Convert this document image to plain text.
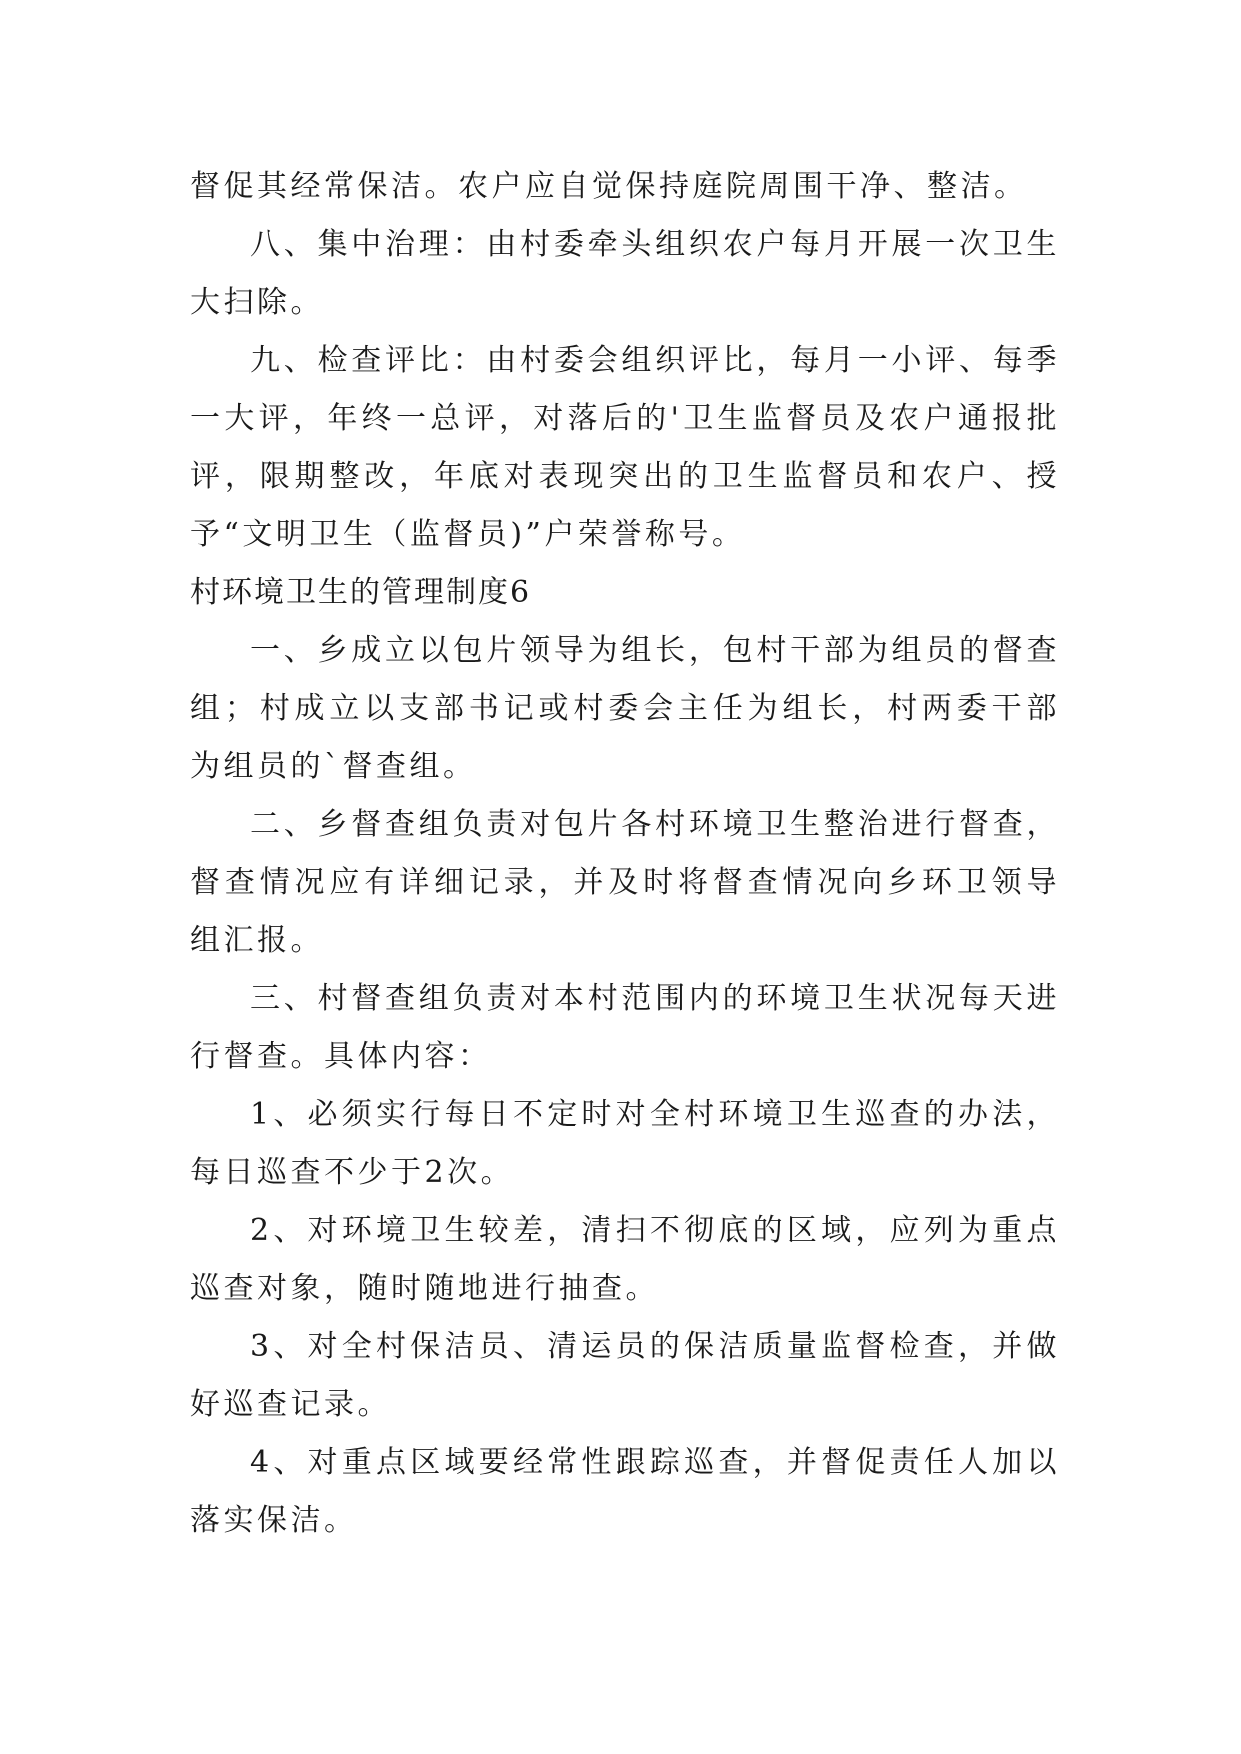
督促其经常保洁。农户应自觉保持庭院周围干净、整洁。

八、集中治理：由村委牵头组织农户每月开展一次卫生大扫除。

九、检查评比：由村委会组织评比，每月一小评、每季一大评，年终一总评，对落后的'卫生监督员及农户通报批评，限期整改，年底对表现突出的卫生监督员和农户、授予“文明卫生（监督员)”户荣誉称号。

村环境卫生的管理制度6

一、乡成立以包片领导为组长，包村干部为组员的督查组；村成立以支部书记或村委会主任为组长，村两委干部为组员的`督查组。

二、乡督查组负责对包片各村环境卫生整治进行督查，督查情况应有详细记录，并及时将督查情况向乡环卫领导组汇报。

三、村督查组负责对本村范围内的环境卫生状况每天进行督查。具体内容：

1、必须实行每日不定时对全村环境卫生巡查的办法，每日巡查不少于2次。

2、对环境卫生较差，清扫不彻底的区域，应列为重点巡查对象，随时随地进行抽查。

3、对全村保洁员、清运员的保洁质量监督检查，并做好巡查记录。

4、对重点区域要经常性跟踪巡查，并督促责任人加以落实保洁。
